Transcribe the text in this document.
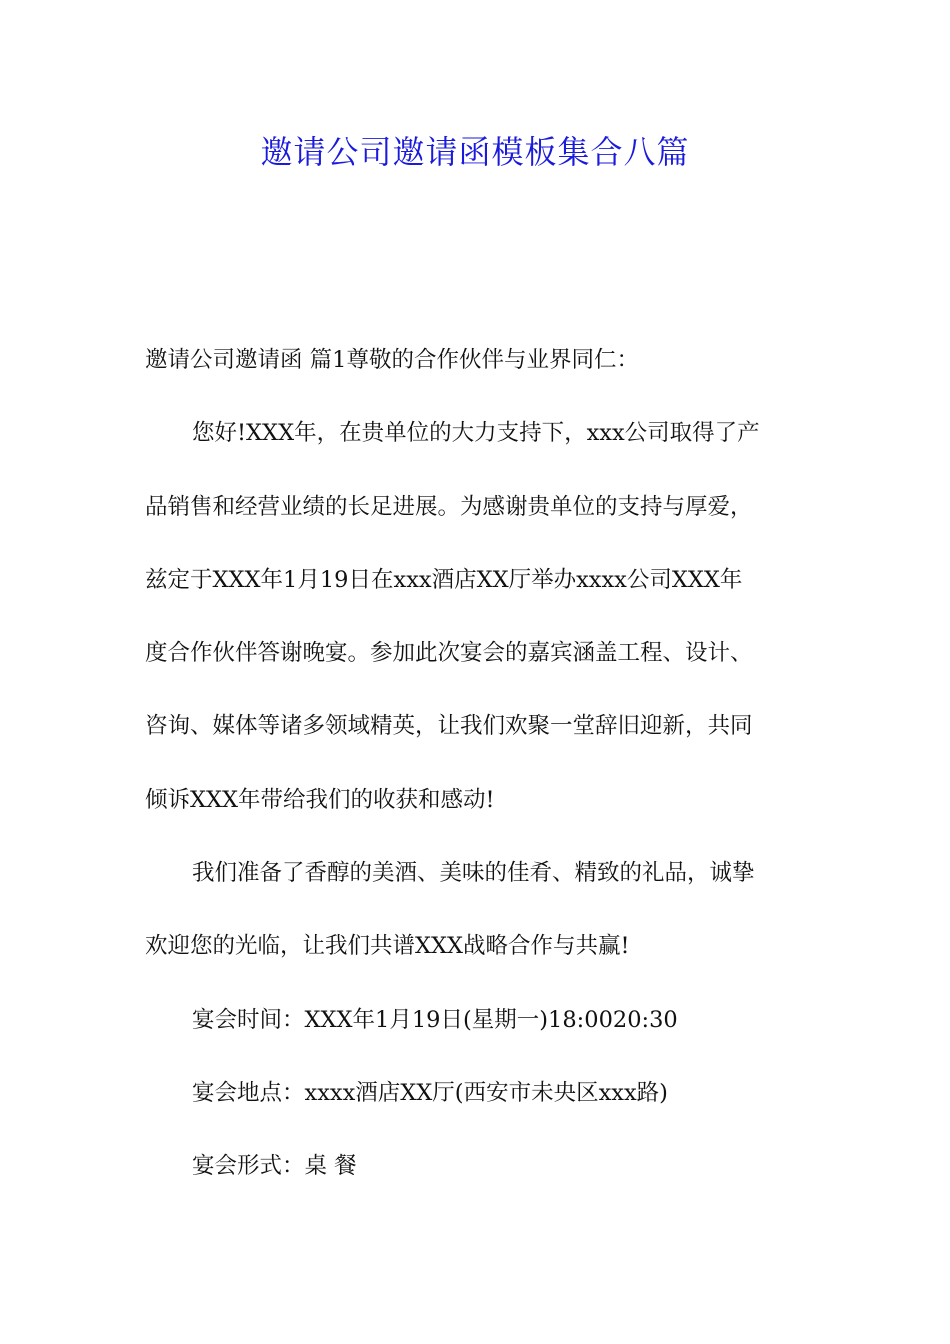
邀请公司邀请函模板集合八篇
邀请公司邀请函 篇1尊敬的合作伙伴与业界同仁：
您好!XXX年，在贵单位的大力支持下，xxx公司取得了产
品销售和经营业绩的长足进展。为感谢贵单位的支持与厚爱，
兹定于XXX年1月19日在xxx酒店XX厅举办xxxx公司XXX年
度合作伙伴答谢晚宴。参加此次宴会的嘉宾涵盖工程、设计、
咨询、媒体等诸多领域精英，让我们欢聚一堂辞旧迎新，共同
倾诉XXX年带给我们的收获和感动!
我们准备了香醇的美酒、美味的佳肴、精致的礼品，诚挚
欢迎您的光临，让我们共谱XXX战略合作与共赢!
宴会时间：XXX年1月19日(星期一)18:0020:30
宴会地点：xxxx酒店XX厅(西安市未央区xxx路)
宴会形式：桌 餐
